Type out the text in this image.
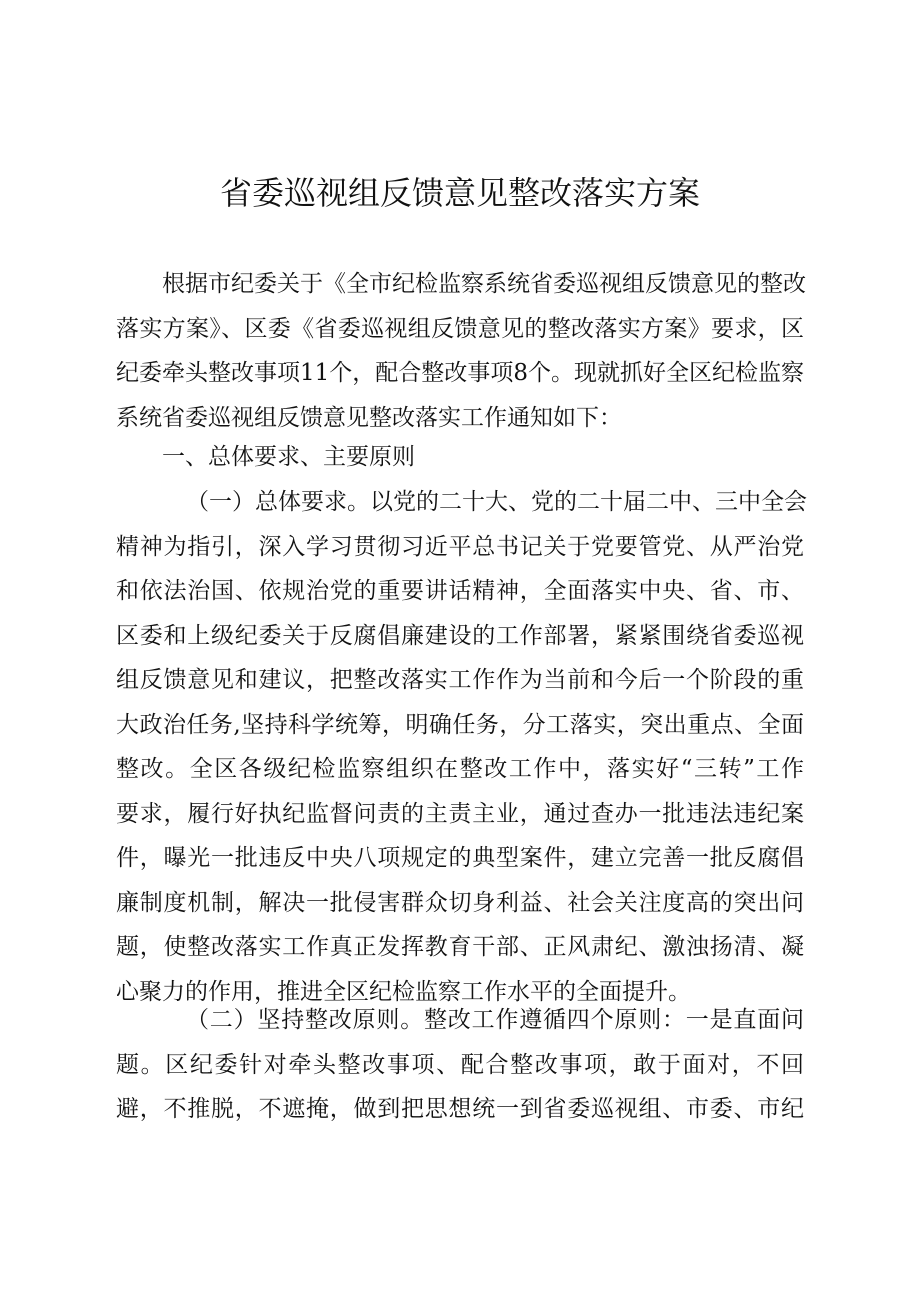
省委巡视组反馈意见整改落实方案
根据市纪委关于《全市纪检监察系统省委巡视组反馈意见的整改
落实方案》、区委《省委巡视组反馈意见的整改落实方案》要求，区
纪委牵头整改事项11个，配合整改事项8个。现就抓好全区纪检监察
系统省委巡视组反馈意见整改落实工作通知如下：
一、总体要求、主要原则
（一）总体要求。以党的二十大、党的二十届二中、三中全会
精神为指引，深入学习贯彻习近平总书记关于党要管党、从严治党
和依法治国、依规治党的重要讲话精神，全面落实中央、省、市、
区委和上级纪委关于反腐倡廉建设的工作部署，紧紧围绕省委巡视
组反馈意见和建议，把整改落实工作作为当前和今后一个阶段的重
大政治任务,坚持科学统筹，明确任务，分工落实，突出重点、全面
整改。全区各级纪检监察组织在整改工作中，落实好“三转”工作
要求，履行好执纪监督问责的主责主业，通过查办一批违法违纪案
件，曝光一批违反中央八项规定的典型案件，建立完善一批反腐倡
廉制度机制，解决一批侵害群众切身利益、社会关注度高的突出问
题，使整改落实工作真正发挥教育干部、正风肃纪、激浊扬清、凝
心聚力的作用，推进全区纪检监察工作水平的全面提升。
（二）坚持整改原则。整改工作遵循四个原则：一是直面问
题。区纪委针对牵头整改事项、配合整改事项，敢于面对，不回
避，不推脱，不遮掩，做到把思想统一到省委巡视组、市委、市纪
